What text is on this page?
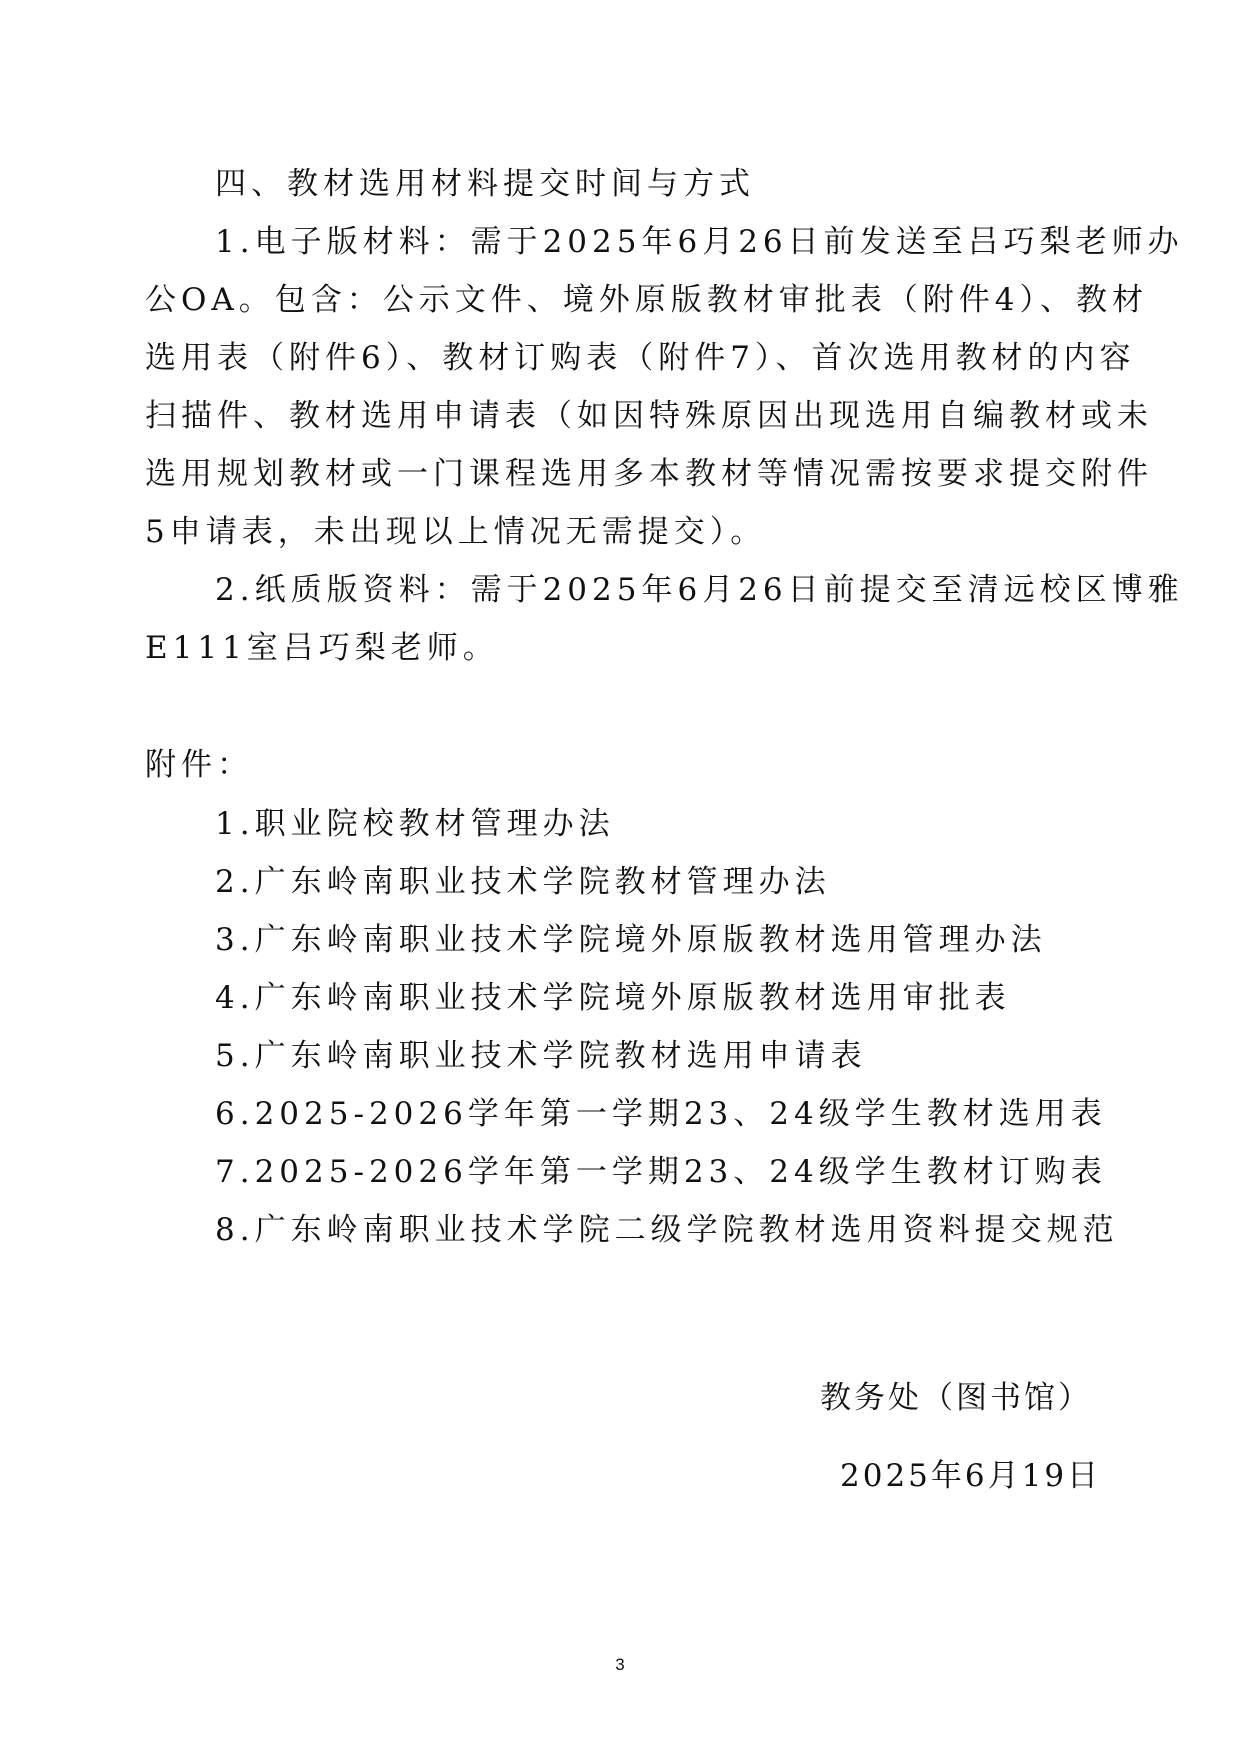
四、教材选用材料提交时间与方式
1.电子版材料：需于2025年6月26日前发送至吕巧梨老师办
公OA。包含：公示文件、境外原版教材审批表（附件4）、教材
选用表（附件6）、教材订购表（附件7）、首次选用教材的内容
扫描件、教材选用申请表（如因特殊原因出现选用自编教材或未
选用规划教材或一门课程选用多本教材等情况需按要求提交附件
5申请表，未出现以上情况无需提交）。
2.纸质版资料：需于2025年6月26日前提交至清远校区博雅
E111室吕巧梨老师。
附件：
1.职业院校教材管理办法
2.广东岭南职业技术学院教材管理办法
3.广东岭南职业技术学院境外原版教材选用管理办法
4.广东岭南职业技术学院境外原版教材选用审批表
5.广东岭南职业技术学院教材选用申请表
6.2025-2026学年第一学期23、24级学生教材选用表
7.2025-2026学年第一学期23、24级学生教材订购表
8.广东岭南职业技术学院二级学院教材选用资料提交规范
教务处（图书馆）
2025年6月19日
3
